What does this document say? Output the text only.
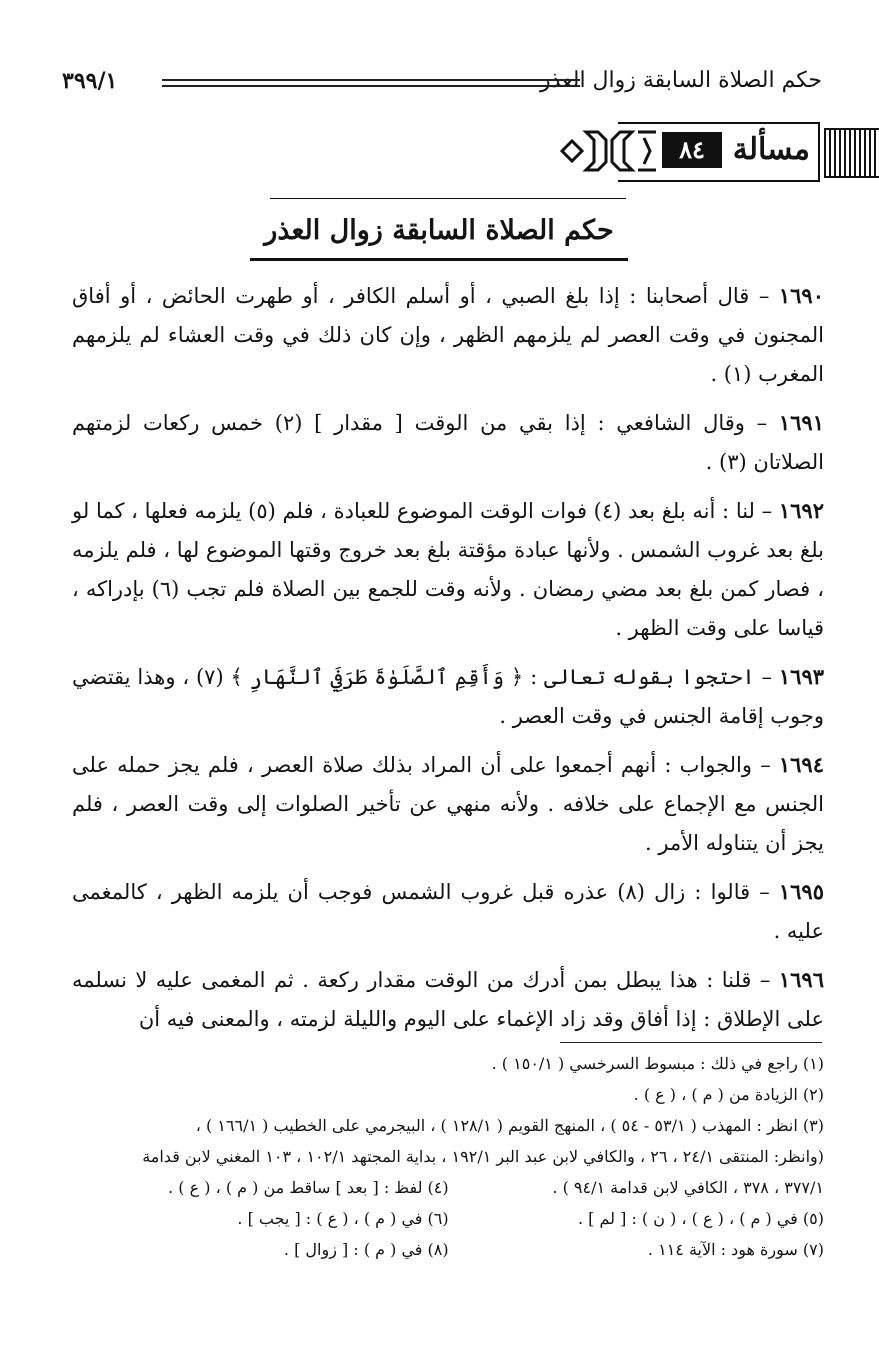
حكم الصلاة السابقة زوال العذر
٣٩٩/١
مسألة
٨٤
حكم الصلاة السابقة زوال العذر

١٦٩٠ – قال أصحابنا : إذا بلغ الصبي ، أو أسلم الكافر ، أو طهرت الحائض ، أو أفاق المجنون في وقت العصر لم يلزمهم الظهر ، وإن كان ذلك في وقت العشاء لم يلزمهم المغرب (١) .

١٦٩١ – وقال الشافعي : إذا بقي من الوقت [ مقدار ] (٢) خمس ركعات لزمتهم الصلاتان (٣) .

١٦٩٢ – لنا : أنه بلغ بعد (٤) فوات الوقت الموضوع للعبادة ، فلم (٥) يلزمه فعلها ، كما لو بلغ بعد غروب الشمس . ولأنها عبادة مؤقتة بلغ بعد خروج وقتها الموضوع لها ، فلم يلزمه ، فصار كمن بلغ بعد مضي رمضان . ولأنه وقت للجمع بين الصلاة فلم تجب (٦) بإدراكه ، قياسا على وقت الظهر .

١٦٩٣ – احتجوا بقوله تعالى : ﴿ وَأَقِمِ ٱلصَّلَوٰةَ طَرَفَيِ ٱلنَّهَارِ ﴾ (٧) ، وهذا يقتضي وجوب إقامة الجنس في وقت العصر .

١٦٩٤ – والجواب : أنهم أجمعوا على أن المراد بذلك صلاة العصر ، فلم يجز حمله على الجنس مع الإجماع على خلافه . ولأنه منهي عن تأخير الصلوات إلى وقت العصر ، فلم يجز أن يتناوله الأمر .

١٦٩٥ – قالوا : زال (٨) عذره قبل غروب الشمس فوجب أن يلزمه الظهر ، كالمغمى عليه .

١٦٩٦ – قلنا : هذا يبطل بمن أدرك من الوقت مقدار ركعة . ثم المغمى عليه لا نسلمه على الإطلاق : إذا أفاق وقد زاد الإغماء على اليوم والليلة لزمته ، والمعنى فيه أن

(١) راجع في ذلك : مبسوط السرخسي ( ١٥٠/١ ) .
(٢) الزيادة من ( م ) ، ( ع ) .
(٣) انظر : المهذب ( ٥٣/١ - ٥٤ ) ، المنهج القويم ( ١٢٨/١ ) ، البيجرمي على الخطيب ( ١٦٦/١ ) ،
(وانظر: المنتقى ٢٤/١ ، ٢٦ ، والكافي لابن عبد البر ١٩٢/١ ، بداية المجتهد ١٠٢/١ ، ١٠٣ المغني لابن قدامة
٣٧٧/١ ، ٣٧٨ ، الكافي لابن قدامة ٩٤/١ ) .
(٤) لفظ : [ بعد ] ساقط من ( م ) ، ( ع ) .
(٥) في ( م ) ، ( ع ) ، ( ن ) : [ لم ] .
(٦) في ( م ) ، ( ع ) : [ يجب ] .
(٧) سورة هود : الآية ١١٤ .
(٨) في ( م ) : [ زوال ] .
